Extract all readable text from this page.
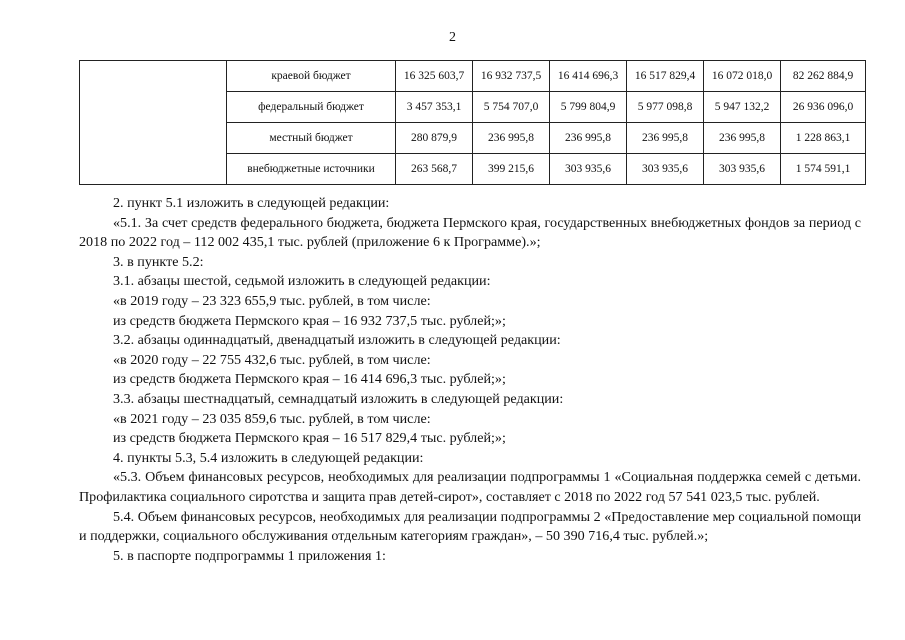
2
	краевой бюджет	16 325 603,7	16 932 737,5	16 414 696,3	16 517 829,4	16 072 018,0	82 262 884,9
	федеральный бюджет	3 457 353,1	5 754 707,0	5 799 804,9	5 977 098,8	5 947 132,2	26 936 096,0
	местный бюджет	280 879,9	236 995,8	236 995,8	236 995,8	236 995,8	1 228 863,1
	внебюджетные источники	263 568,7	399 215,6	303 935,6	303 935,6	303 935,6	1 574 591,1

2. пункт 5.1 изложить в следующей редакции:

«5.1. За счет средств федерального бюджета, бюджета Пермского края, государственных внебюджетных фондов за период с 2018 по 2022 год – 112 002 435,1 тыс. рублей (приложение 6 к Программе).»;

3. в пункте 5.2:

3.1. абзацы шестой, седьмой изложить в следующей редакции:

«в 2019 году – 23 323 655,9 тыс. рублей, в том числе:

из средств бюджета Пермского края – 16 932 737,5 тыс. рублей;»;

3.2. абзацы одиннадцатый, двенадцатый изложить в следующей редакции:

«в 2020 году – 22 755 432,6 тыс. рублей, в том числе:

из средств бюджета Пермского края – 16 414 696,3 тыс. рублей;»;

3.3. абзацы шестнадцатый, семнадцатый изложить в следующей редакции:

«в 2021 году – 23 035 859,6 тыс. рублей, в том числе:

из средств бюджета Пермского края – 16 517 829,4 тыс. рублей;»;

4. пункты 5.3, 5.4 изложить в следующей редакции:

«5.3. Объем финансовых ресурсов, необходимых для реализации подпрограммы 1 «Социальная поддержка семей с детьми. Профилактика социального сиротства и защита прав детей-сирот», составляет с 2018 по 2022 год 57 541 023,5 тыс. рублей.

5.4. Объем финансовых ресурсов, необходимых для реализации подпрограммы 2 «Предоставление мер социальной помощи и поддержки, социального обслуживания отдельным категориям граждан», – 50 390 716,4 тыс. рублей.»;

5. в паспорте подпрограммы 1 приложения 1:
